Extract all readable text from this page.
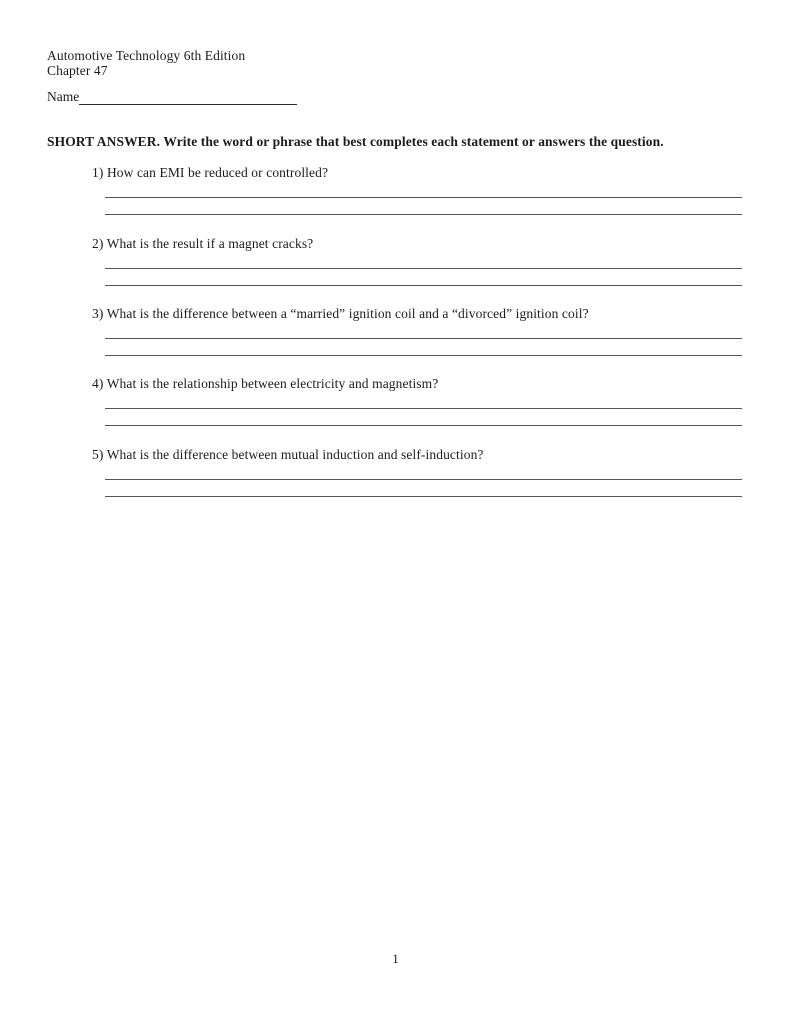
Automotive Technology 6th Edition
Chapter 47
Name
SHORT ANSWER. Write the word or phrase that best completes each statement or answers the question.
1) How can EMI be reduced or controlled?
2) What is the result if a magnet cracks?
3) What is the difference between a “married” ignition coil and a “divorced” ignition coil?
4) What is the relationship between electricity and magnetism?
5) What is the difference between mutual induction and self-induction?
1
